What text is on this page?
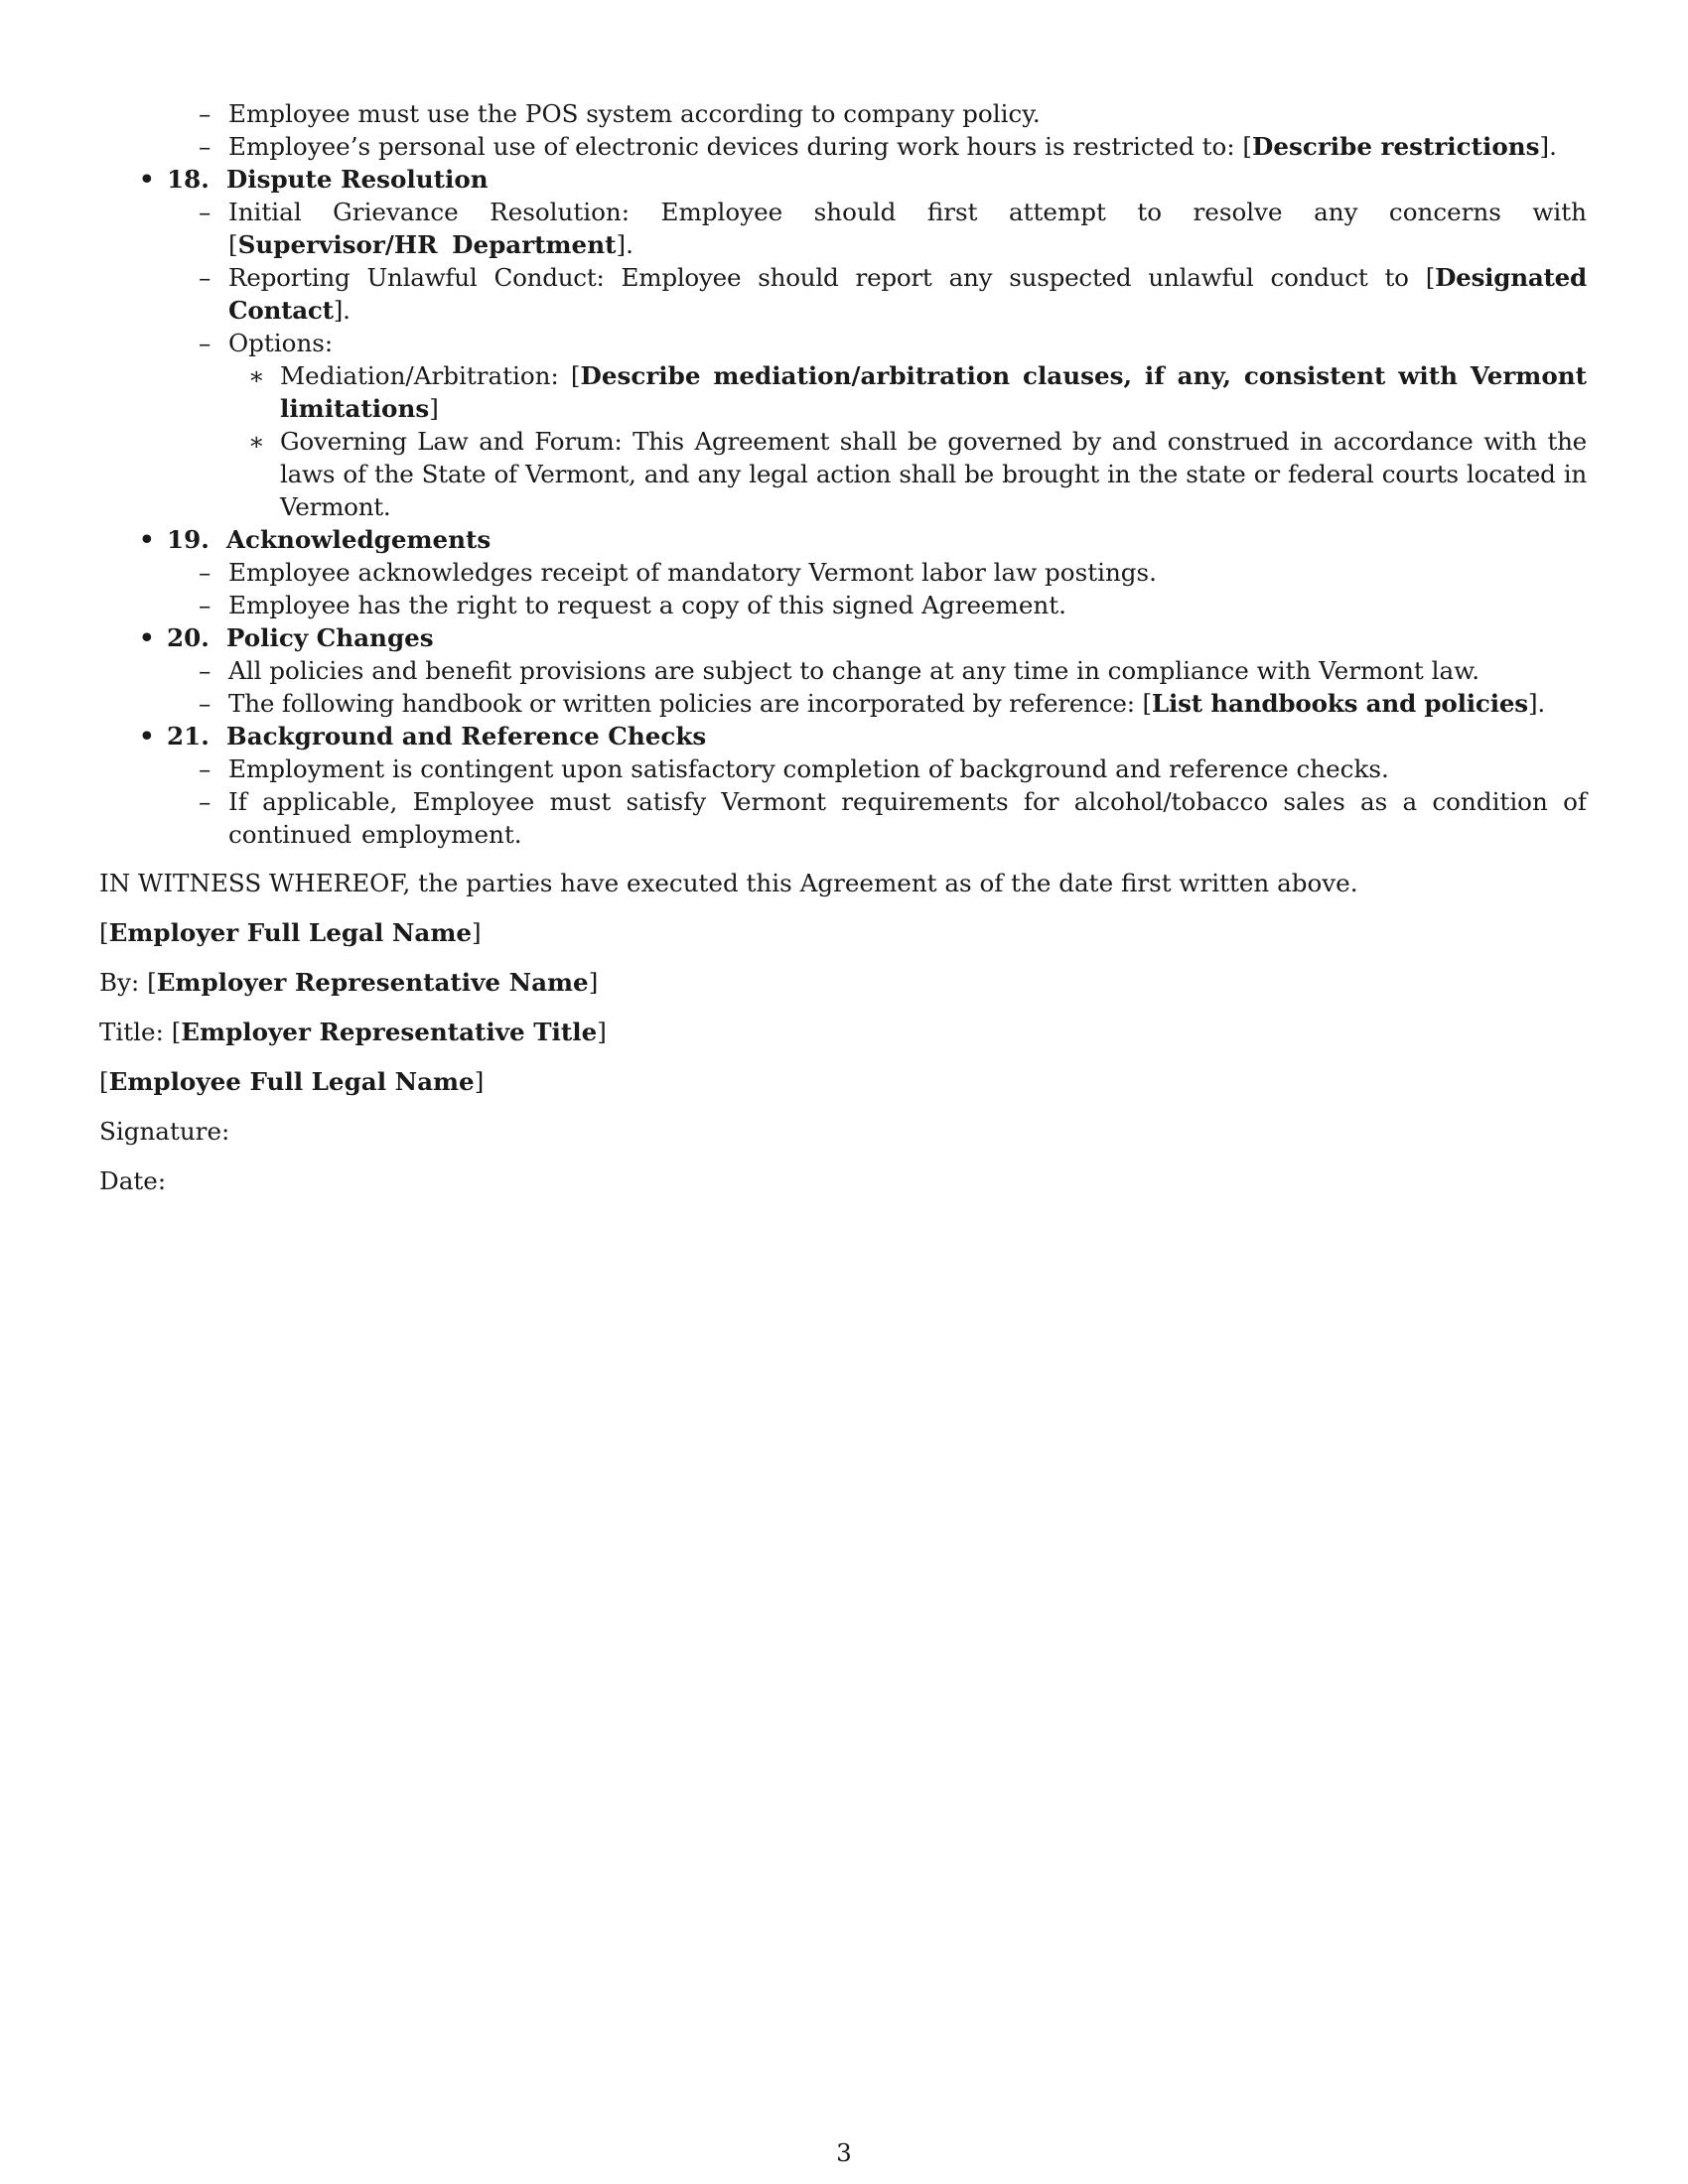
– Employee must use the POS system according to company policy.

– Employee’s personal use of electronic devices during work hours is restricted to: [Describe restrictions].

• 18. Dispute Resolution

– Initial Grievance Resolution: Employee should first attempt to resolve any concerns with [Supervisor/HR Department].

– Reporting Unlawful Conduct: Employee should report any suspected unlawful conduct to [Designated Contact].

– Options:

∗ Mediation/Arbitration: [Describe mediation/arbitration clauses, if any, consistent with Vermont limitations]

∗ Governing Law and Forum: This Agreement shall be governed by and construed in accordance with the laws of the State of Vermont, and any legal action shall be brought in the state or federal courts located in Vermont.

• 19. Acknowledgements

– Employee acknowledges receipt of mandatory Vermont labor law postings.

– Employee has the right to request a copy of this signed Agreement.

• 20. Policy Changes

– All policies and benefit provisions are subject to change at any time in compliance with Vermont law.

– The following handbook or written policies are incorporated by reference: [List handbooks and policies].

• 21. Background and Reference Checks

– Employment is contingent upon satisfactory completion of background and reference checks.

– If applicable, Employee must satisfy Vermont requirements for alcohol/tobacco sales as a condition of continued employment.

IN WITNESS WHEREOF, the parties have executed this Agreement as of the date first written above.

[Employer Full Legal Name]

By: [Employer Representative Name]

Title: [Employer Representative Title]

[Employee Full Legal Name]

Signature:

Date:

3
